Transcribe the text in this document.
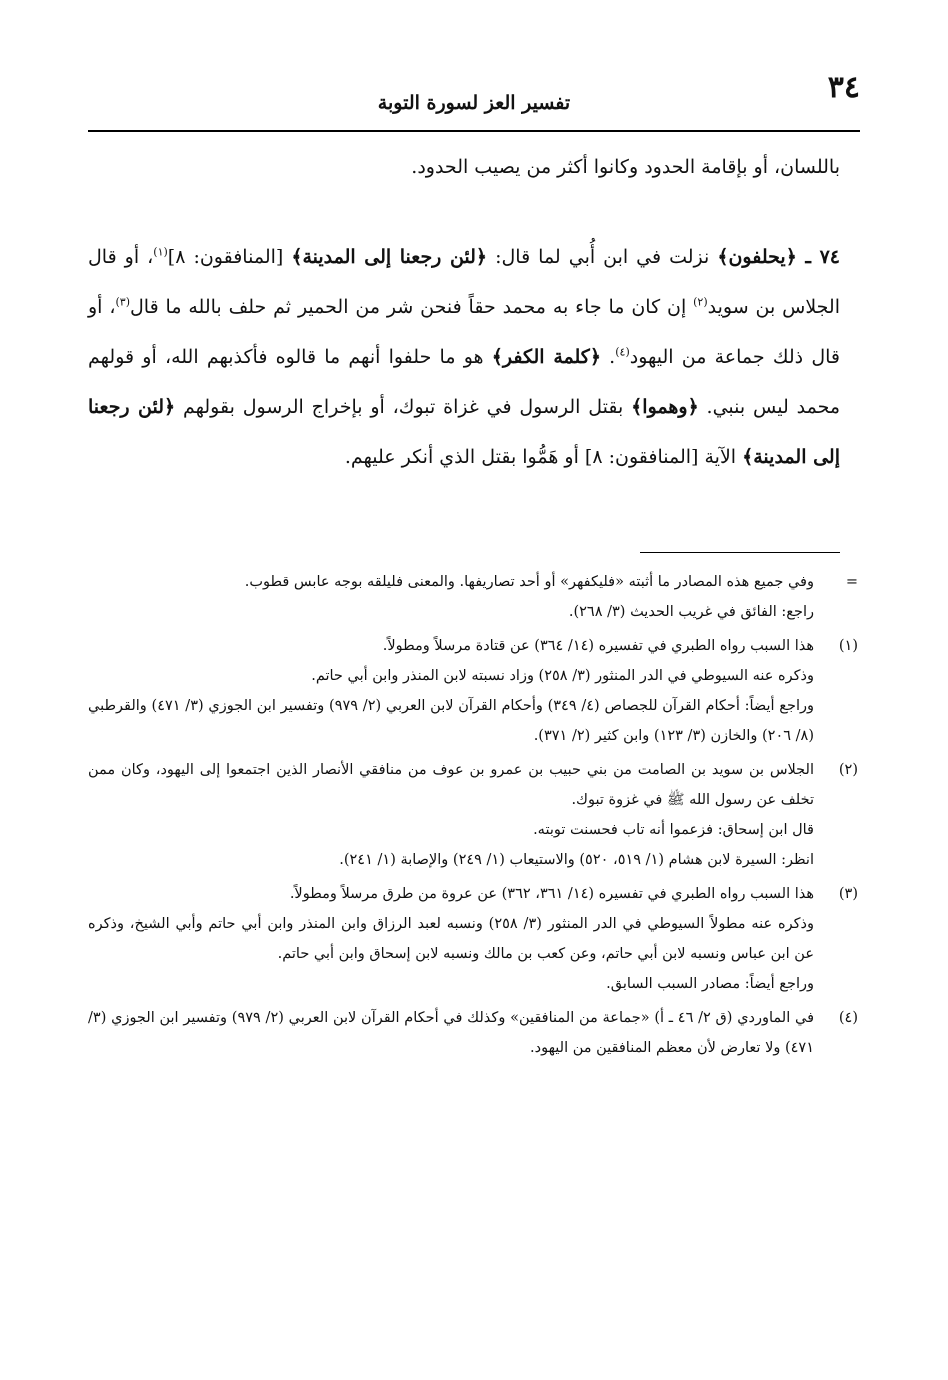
٣٤
تفسير العز لسورة التوبة

باللسان، أو بإقامة الحدود وكانوا أكثر من يصيب الحدود.

٧٤ ـ ﴿يحلفون﴾ نزلت في ابن أُبي لما قال: ﴿لئن رجعنا إلى المدينة﴾ [المنافقون: ٨]$^{(١)}$، أو قال الجلاس بن سويد$^{(٢)}$ إن كان ما جاء به محمد حقاً فنحن شر من الحمير ثم حلف بالله ما قال$^{(٣)}$، أو قال ذلك جماعة من اليهود$^{(٤)}$. ﴿كلمة الكفر﴾ هو ما حلفوا أنهم ما قالوه فأكذبهم الله، أو قولهم محمد ليس بنبي. ﴿وهموا﴾ بقتل الرسول في غزاة تبوك، أو بإخراج الرسول بقولهم ﴿لئن رجعنا إلى المدينة﴾ الآية [المنافقون: ٨] أو هَمُّوا بقتل الذي أنكر عليهم.

=

وفي جميع هذه المصادر ما أثبته «فليكفهر» أو أحد تصاريفها. والمعنى فليلقه بوجه عابس قطوب.

راجع: الفائق في غريب الحديث (٣/ ٢٦٨).

(١)

هذا السبب رواه الطبري في تفسيره (١٤/ ٣٦٤) عن قتادة مرسلاً ومطولاً.

وذكره عنه السيوطي في الدر المنثور (٣/ ٢٥٨) وزاد نسبته لابن المنذر وابن أبي حاتم.

وراجع أيضاً: أحكام القرآن للجصاص (٤/ ٣٤٩) وأحكام القرآن لابن العربي (٢/ ٩٧٩) وتفسير ابن الجوزي (٣/ ٤٧١) والقرطبي (٨/ ٢٠٦) والخازن (٣/ ١٢٣) وابن كثير (٢/ ٣٧١).

(٢)

الجلاس بن سويد بن الصامت من بني حبيب بن عمرو بن عوف من منافقي الأنصار الذين اجتمعوا إلى اليهود، وكان ممن تخلف عن رسول الله ﷺ في غزوة تبوك.

قال ابن إسحاق: فزعموا أنه تاب فحسنت توبته.

انظر: السيرة لابن هشام (١/ ٥١٩، ٥٢٠) والاستيعاب (١/ ٢٤٩) والإصابة (١/ ٢٤١).

(٣)

هذا السبب رواه الطبري في تفسيره (١٤/ ٣٦١، ٣٦٢) عن عروة من طرق مرسلاً ومطولاً.

وذكره عنه مطولاً السيوطي في الدر المنثور (٣/ ٢٥٨) ونسبه لعبد الرزاق وابن المنذر وابن أبي حاتم وأبي الشيخ، وذكره عن ابن عباس ونسبه لابن أبي حاتم، وعن كعب بن مالك ونسبه لابن إسحاق وابن أبي حاتم.

وراجع أيضاً: مصادر السبب السابق.

(٤)

في الماوردي (ق ٢/ ٤٦ ـ أ) «جماعة من المنافقين» وكذلك في أحكام القرآن لابن العربي (٢/ ٩٧٩) وتفسير ابن الجوزي (٣/ ٤٧١) ولا تعارض لأن معظم المنافقين من اليهود.
